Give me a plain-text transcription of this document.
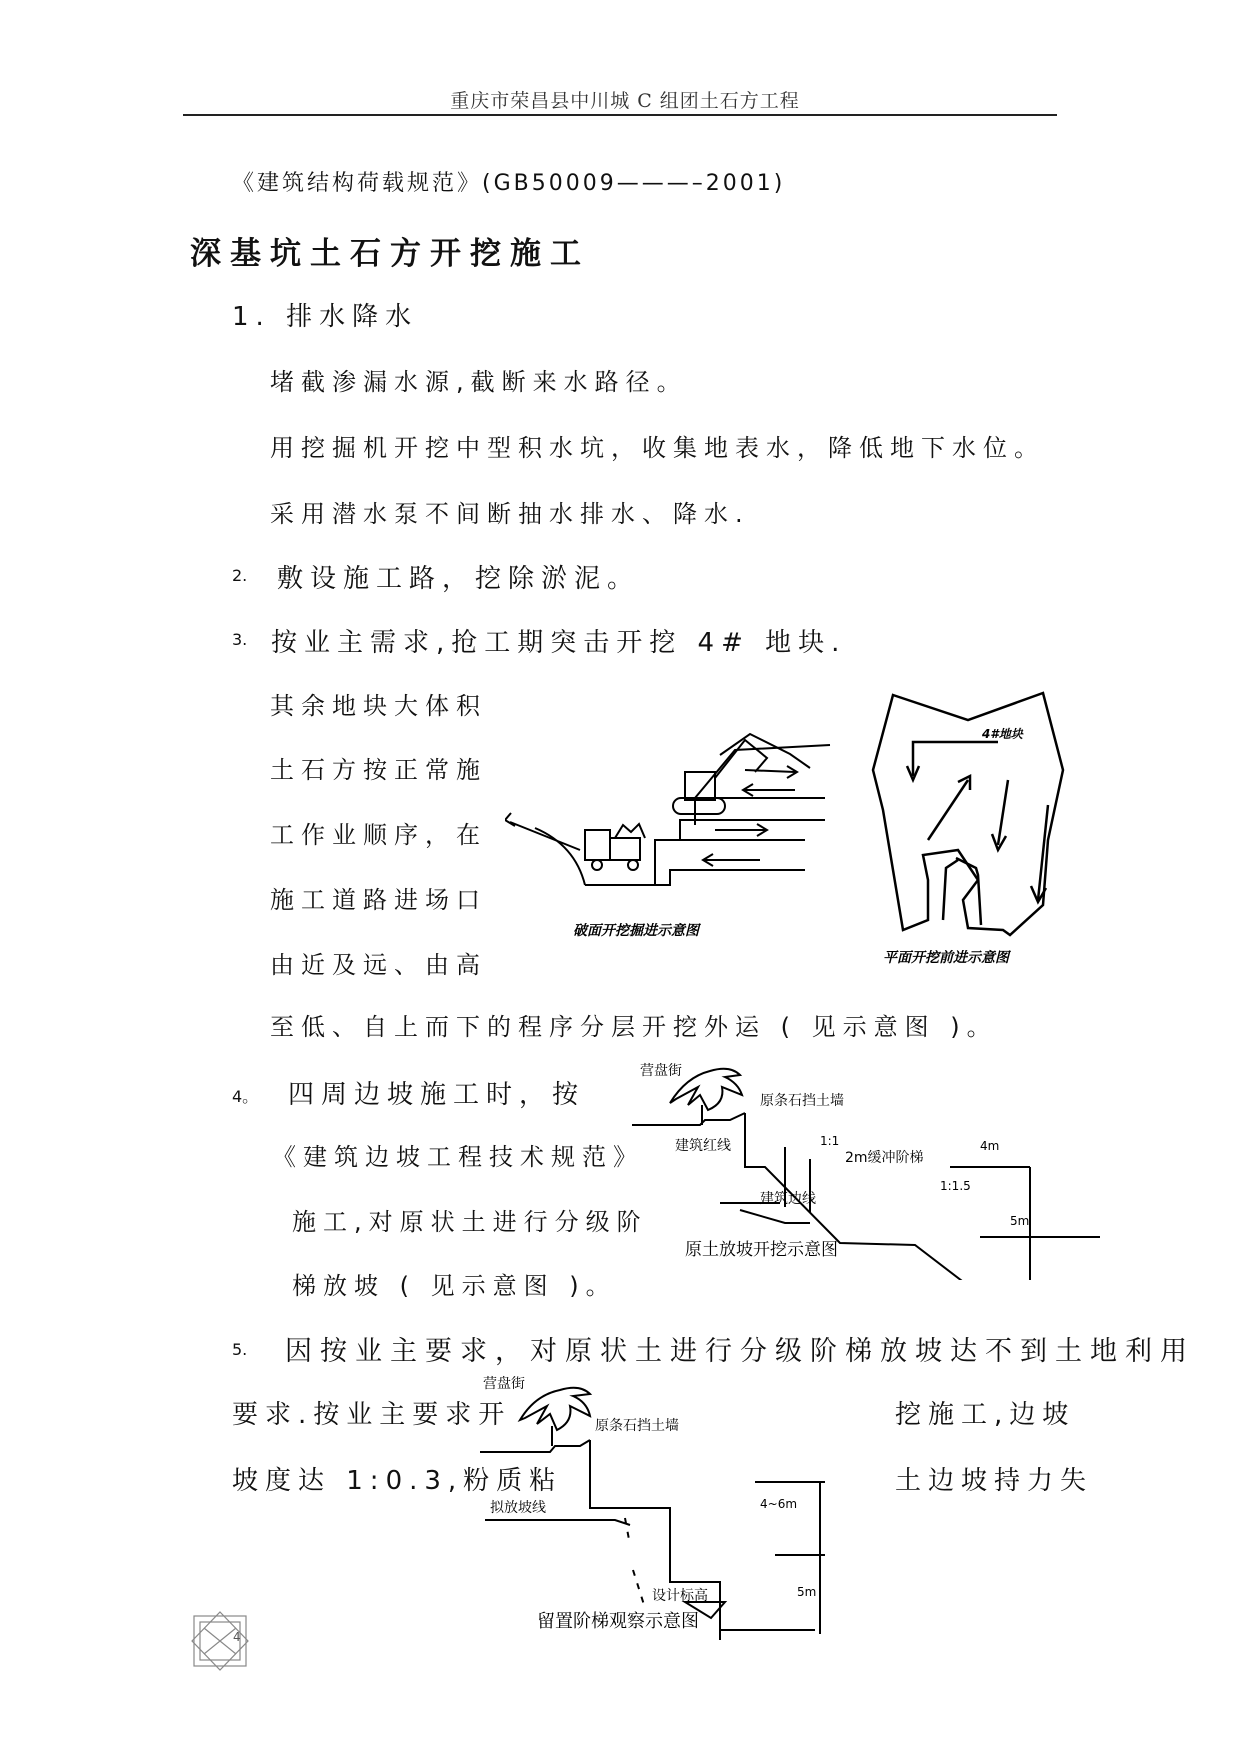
重庆市荣昌县中川城 C 组团土石方工程
《建筑结构荷载规范》(GB50009———–2001)
深基坑土石方开挖施工
1. 排水降水
堵截渗漏水源,截断来水路径。
用挖掘机开挖中型积水坑，收集地表水，降低地下水位。
采用潜水泵不间断抽水排水、降水.
2. 敷设施工路，挖除淤泥。
3. 按业主需求,抢工期突击开挖 4# 地块.
其余地块大体积
土石方按正常施
工作业顺序，在
施工道路进场口
由近及远、由高
至低、自上而下的程序分层开挖外运 ( 见示意图 )。
4。 四周边坡施工时，按
《建筑边坡工程技术规范》
施工,对原状土进行分级阶
梯放坡 ( 见示意图 )。
5. 因按业主要求，对原状土进行分级阶梯放坡达不到土地利用
要求.按业主要求开	挖施工,边坡
坡度达 1:0.3,粉质粘	土边坡持力失
破面开挖掘进示意图
4#地块
平面开挖前进示意图
营盘街
原条石挡土墙
1:1
建筑红线
2m缓冲阶梯
4m
1:1.5
建筑边线
5m
原土放坡开挖示意图
营盘街
原条石挡土墙
拟放坡线	4~6m
设计标高	5m
留置阶梯观察示意图
4
